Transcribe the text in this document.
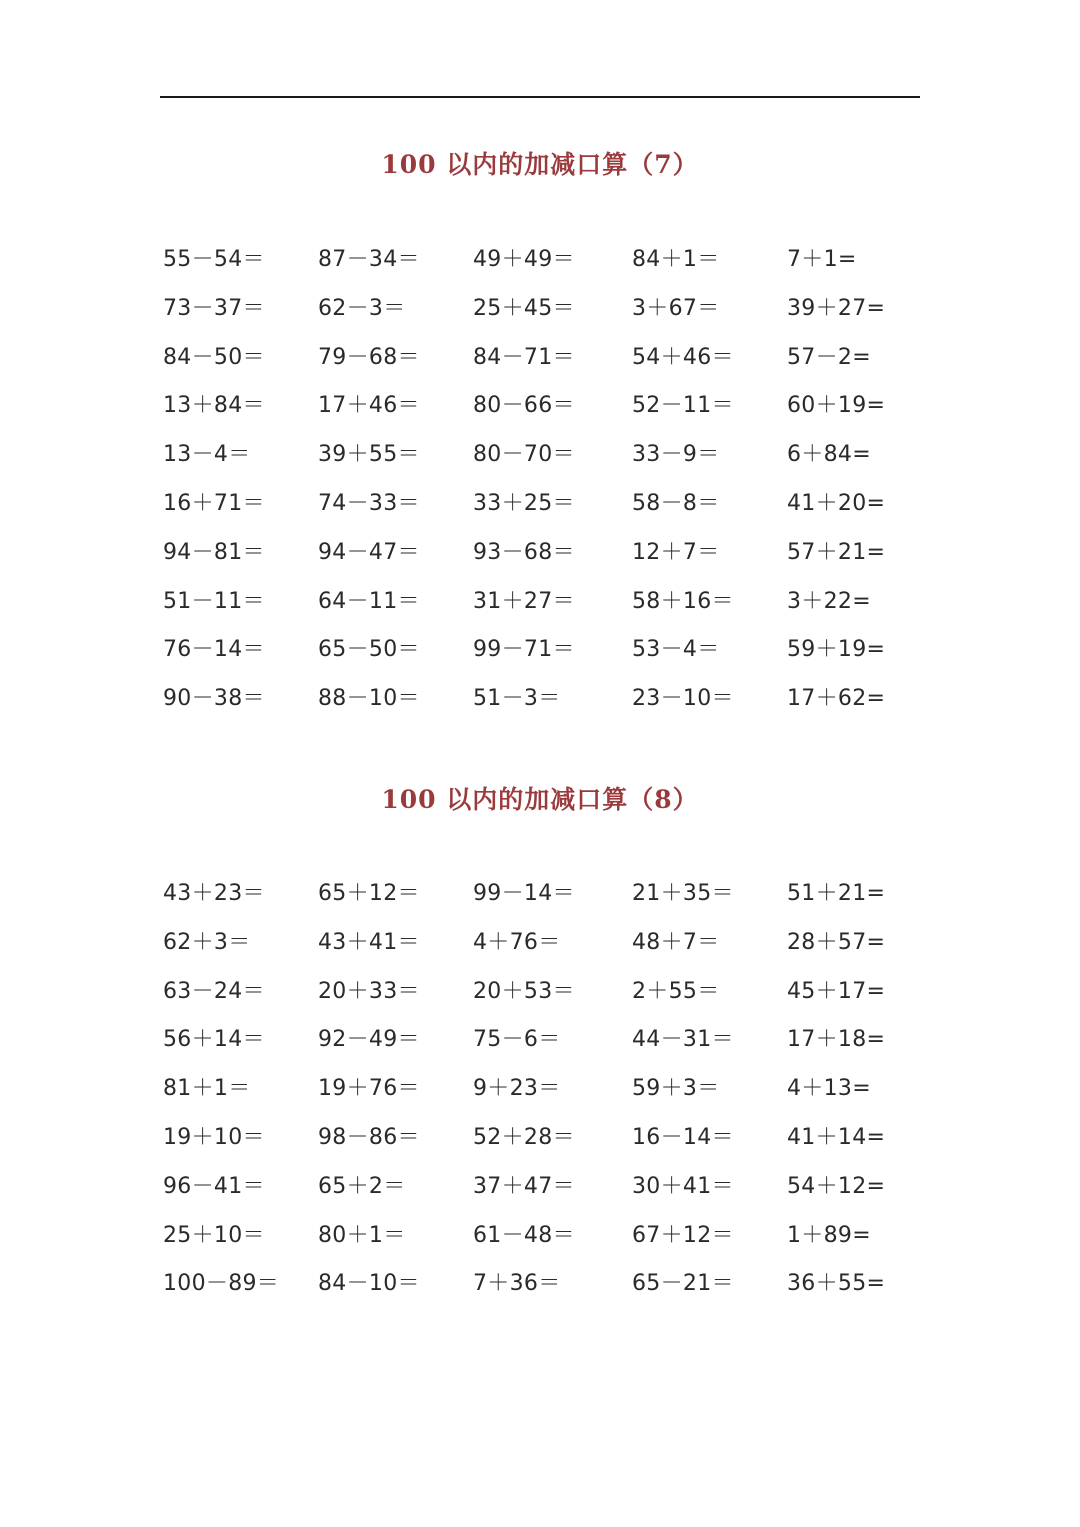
100 以内的加减口算（7）
55－54＝	87－34＝	49＋49＝	84＋1＝	7＋1=
73－37＝	62－3＝	25＋45＝	3＋67＝	39＋27=
84－50＝	79－68＝	84－71＝	54＋46＝	57－2=
13＋84＝	17＋46＝	80－66＝	52－11＝	60＋19=
13－4＝	39＋55＝	80－70＝	33－9＝	6＋84=
16＋71＝	74－33＝	33＋25＝	58－8＝	41＋20=
94－81＝	94－47＝	93－68＝	12＋7＝	57＋21=
51－11＝	64－11＝	31＋27＝	58＋16＝	3＋22=
76－14＝	65－50＝	99－71＝	53－4＝	59＋19=
90－38＝	88－10＝	51－3＝	23－10＝	17＋62=
100 以内的加减口算（8）
43＋23＝	65＋12＝	99－14＝	21＋35＝	51＋21=
62＋3＝	43＋41＝	4＋76＝	48＋7＝	28＋57=
63－24＝	20＋33＝	20＋53＝	2＋55＝	45＋17=
56＋14＝	92－49＝	75－6＝	44－31＝	17＋18=
81＋1＝	19＋76＝	9＋23＝	59＋3＝	4＋13=
19＋10＝	98－86＝	52＋28＝	16－14＝	41＋14=
96－41＝	65＋2＝	37＋47＝	30＋41＝	54＋12=
25＋10＝	80＋1＝	61－48＝	67＋12＝	1＋89=
100－89＝	84－10＝	7＋36＝	65－21＝	36＋55=
